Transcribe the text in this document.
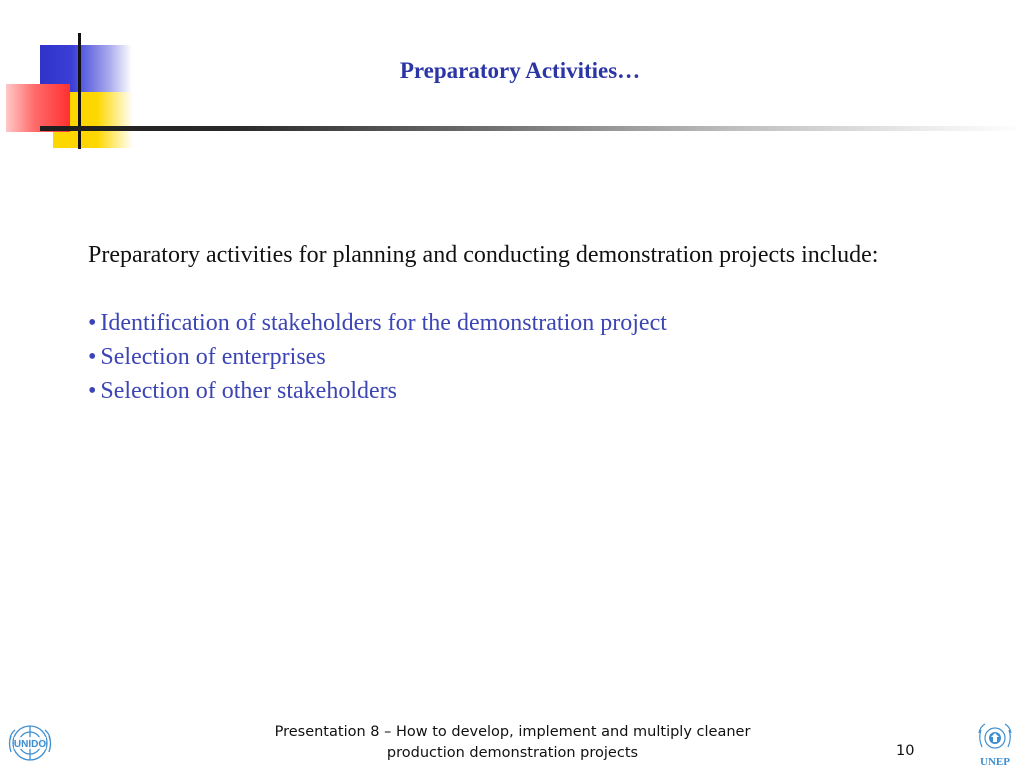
Preparatory Activities…

Preparatory activities for planning and conducting demonstration projects include:

• Identification of stakeholders for the demonstration project
• Selection of enterprises
• Selection of other stakeholders
UNIDO
Presentation 8 – How to develop, implement and multiply cleaner
production demonstration projects	10
UNEP
